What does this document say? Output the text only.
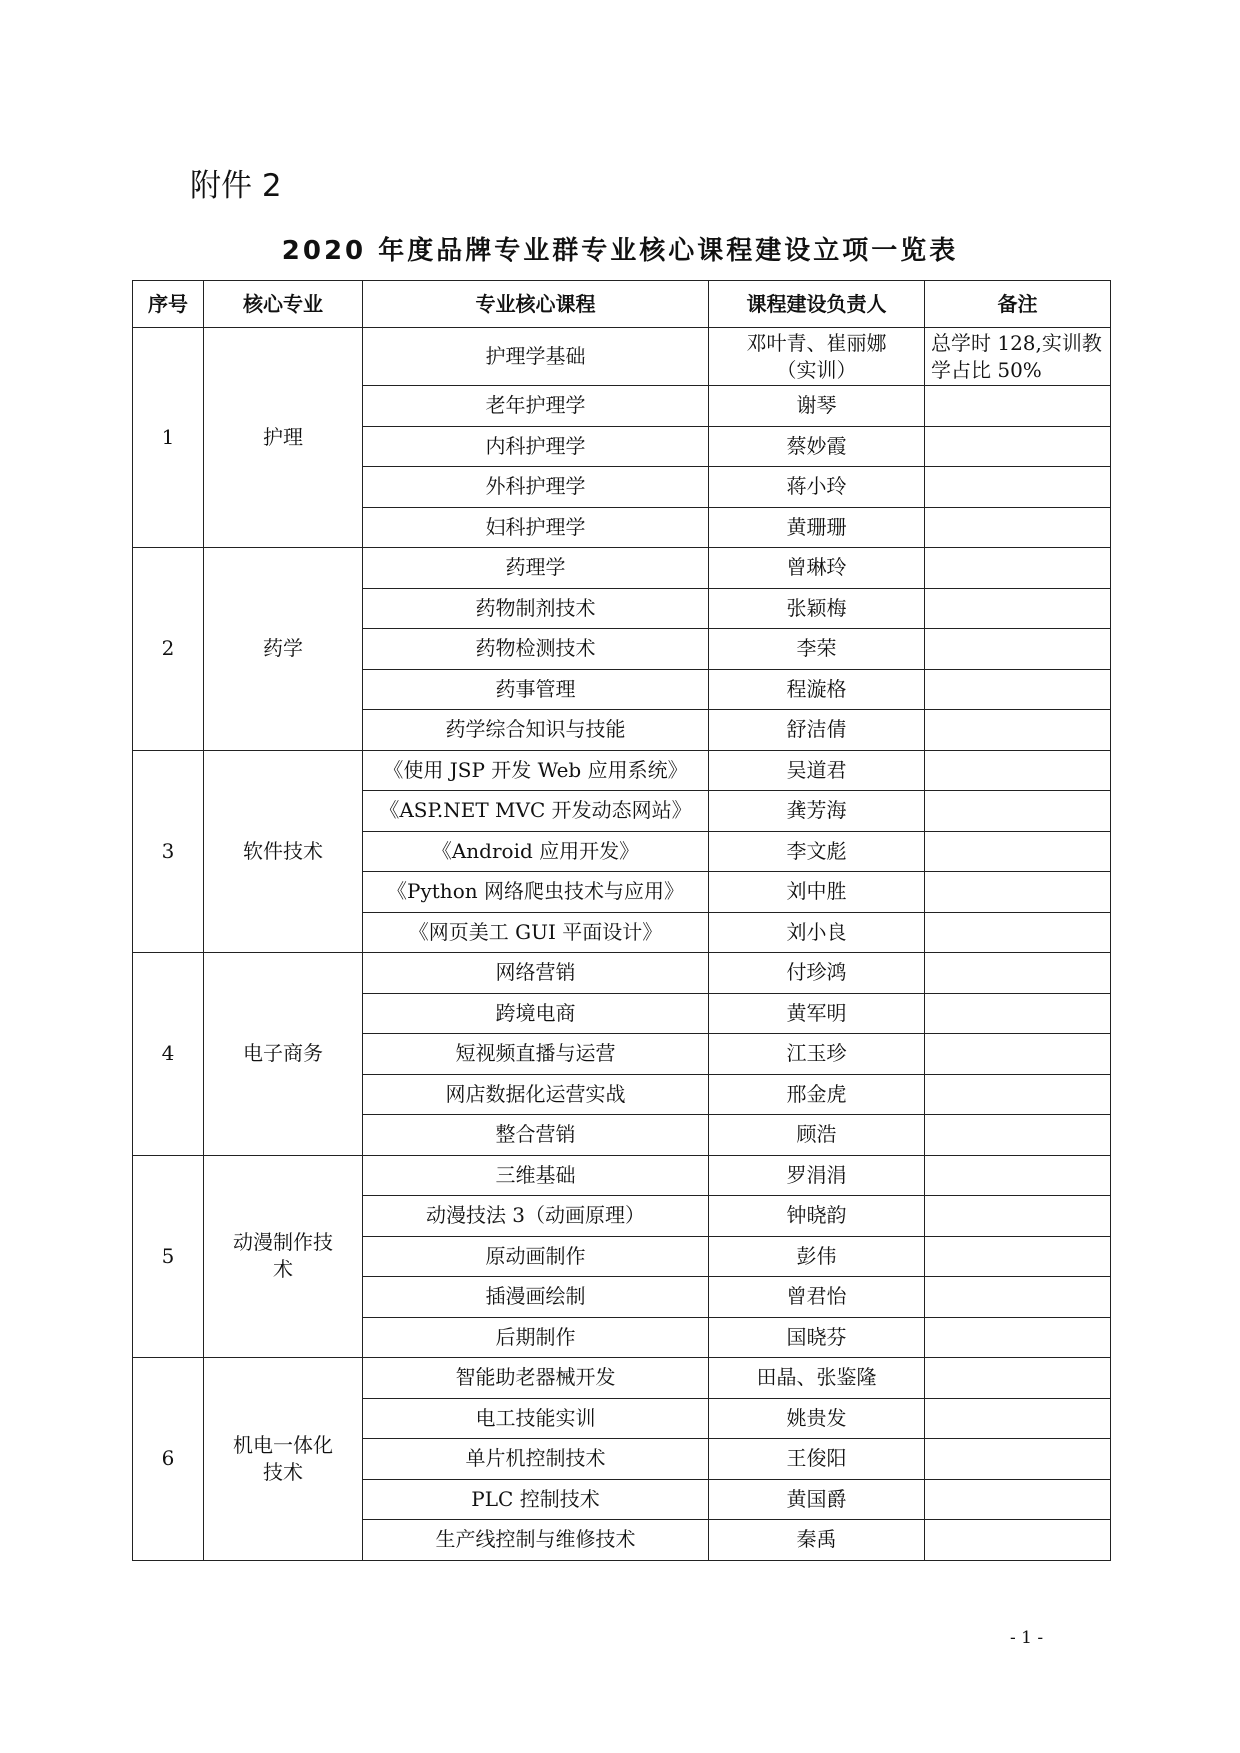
附件 2
2020 年度品牌专业群专业核心课程建设立项一览表
序号	核心专业	专业核心课程	课程建设负责人	备注
1	护理	护理学基础	邓叶青、崔丽娜（实训）	总学时 128,实训教学占比 50%
		老年护理学	谢琴	
		内科护理学	蔡妙霞	
		外科护理学	蒋小玲	
		妇科护理学	黄珊珊	
2	药学	药理学	曾琳玲	
		药物制剂技术	张颖梅	
		药物检测技术	李荣	
		药事管理	程漩格	
		药学综合知识与技能	舒洁倩	
3	软件技术	《使用 JSP 开发 Web 应用系统》	吴道君	
		《ASP.NET MVC 开发动态网站》	龚芳海	
		《Android 应用开发》	李文彪	
		《Python 网络爬虫技术与应用》	刘中胜	
		《网页美工 GUI 平面设计》	刘小良	
4	电子商务	网络营销	付珍鸿	
		跨境电商	黄军明	
		短视频直播与运营	江玉珍	
		网店数据化运营实战	邢金虎	
		整合营销	顾浩	
5	动漫制作技术	三维基础	罗涓涓	
		动漫技法 3（动画原理）	钟晓韵	
		原动画制作	彭伟	
		插漫画绘制	曾君怡	
		后期制作	国晓芬	
6	机电一体化技术	智能助老器械开发	田晶、张鉴隆	
		电工技能实训	姚贵发	
		单片机控制技术	王俊阳	
		PLC 控制技术	黄国爵	
		生产线控制与维修技术	秦禹	
- 1 -
